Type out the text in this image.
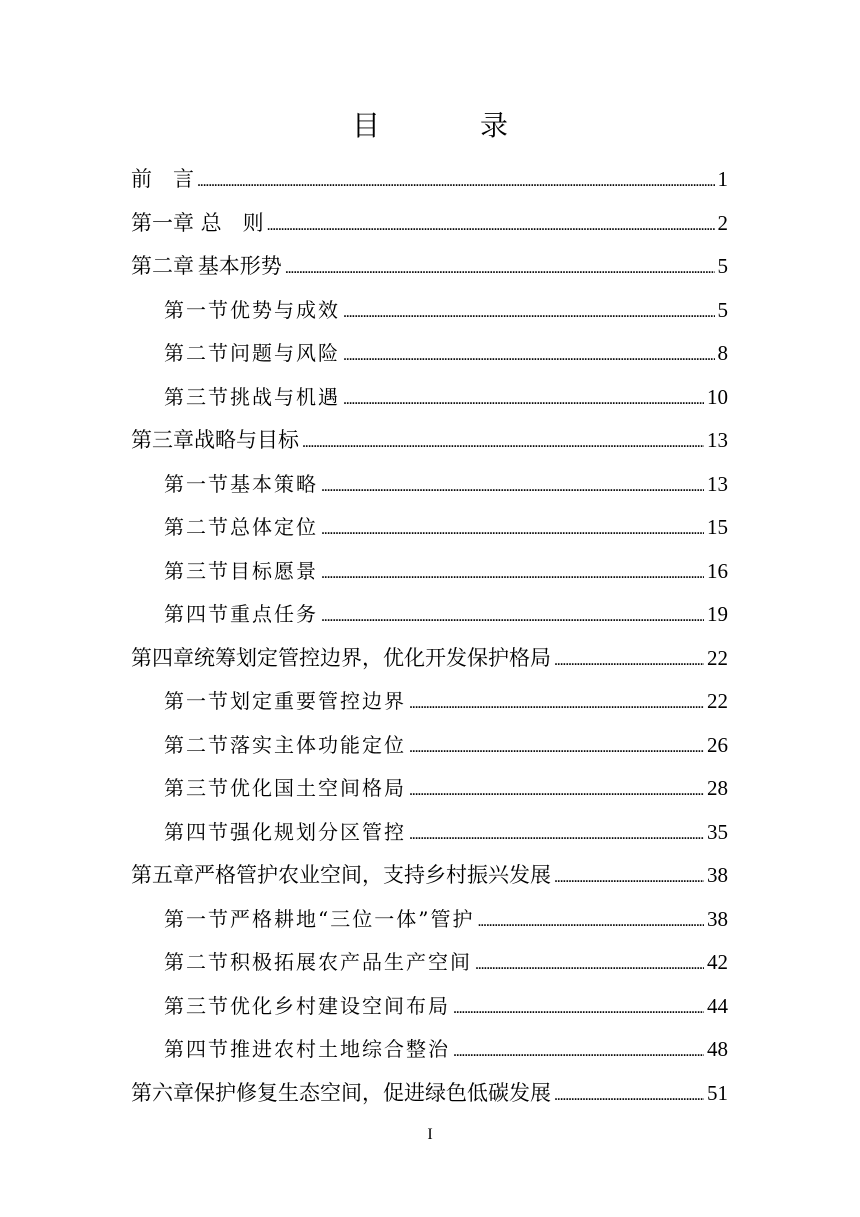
目　录
前　言 . . .	1
第一章 总　则 . . .	2
第二章 基本形势 . . .	5
第一节 优势与成效 . . .	5
第二节 问题与风险 . . .	8
第三节 挑战与机遇 . . .	10
第三章 战略与目标 . . .	13
第一节 基本策略 . . .	13
第二节 总体定位 . . .	15
第三节 目标愿景 . . .	16
第四节 重点任务 . . .	19
第四章 统筹划定管控边界，优化开发保护格局 . . .	22
第一节 划定重要管控边界 . . .	22
第二节 落实主体功能定位 . . .	26
第三节 优化国土空间格局 . . .	28
第四节 强化规划分区管控 . . .	35
第五章 严格管护农业空间，支持乡村振兴发展 . . .	38
第一节 严格耕地“三位一体”管护 . . .	38
第二节 积极拓展农产品生产空间 . . .	42
第三节 优化乡村建设空间布局 . . .	44
第四节 推进农村土地综合整治 . . .	48
第六章 保护修复生态空间，促进绿色低碳发展 . . .	51
I
